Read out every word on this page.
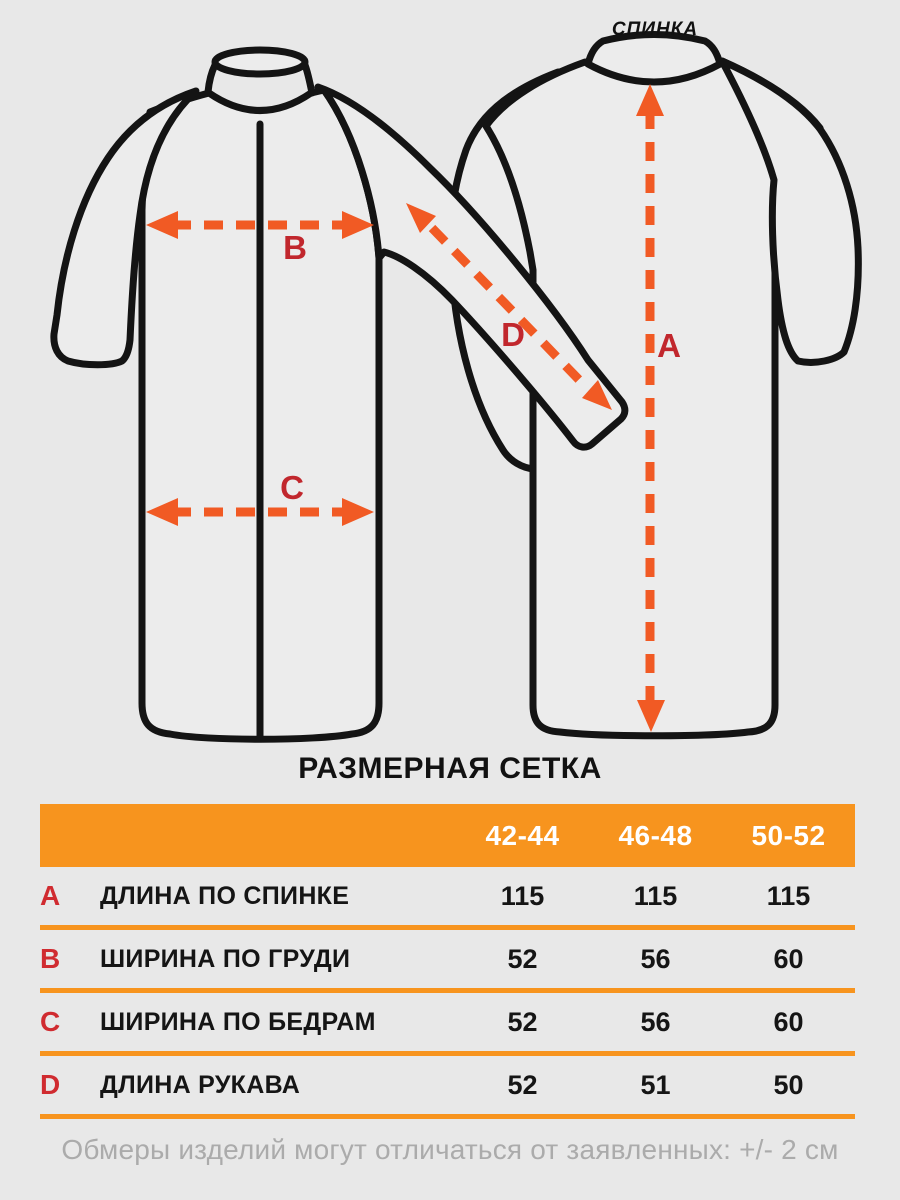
СПИНКА
A
B
C
D
РАЗМЕРНАЯ СЕТКА
42-44	46-48	50-52
A	ДЛИНА ПО СПИНКЕ	115	115	115
B	ШИРИНА ПО ГРУДИ	52	56	60
C	ШИРИНА ПО БЕДРАМ	52	56	60
D	ДЛИНА РУКАВА	52	51	50
Обмеры изделий могут отличаться от заявленных: +/- 2 см
